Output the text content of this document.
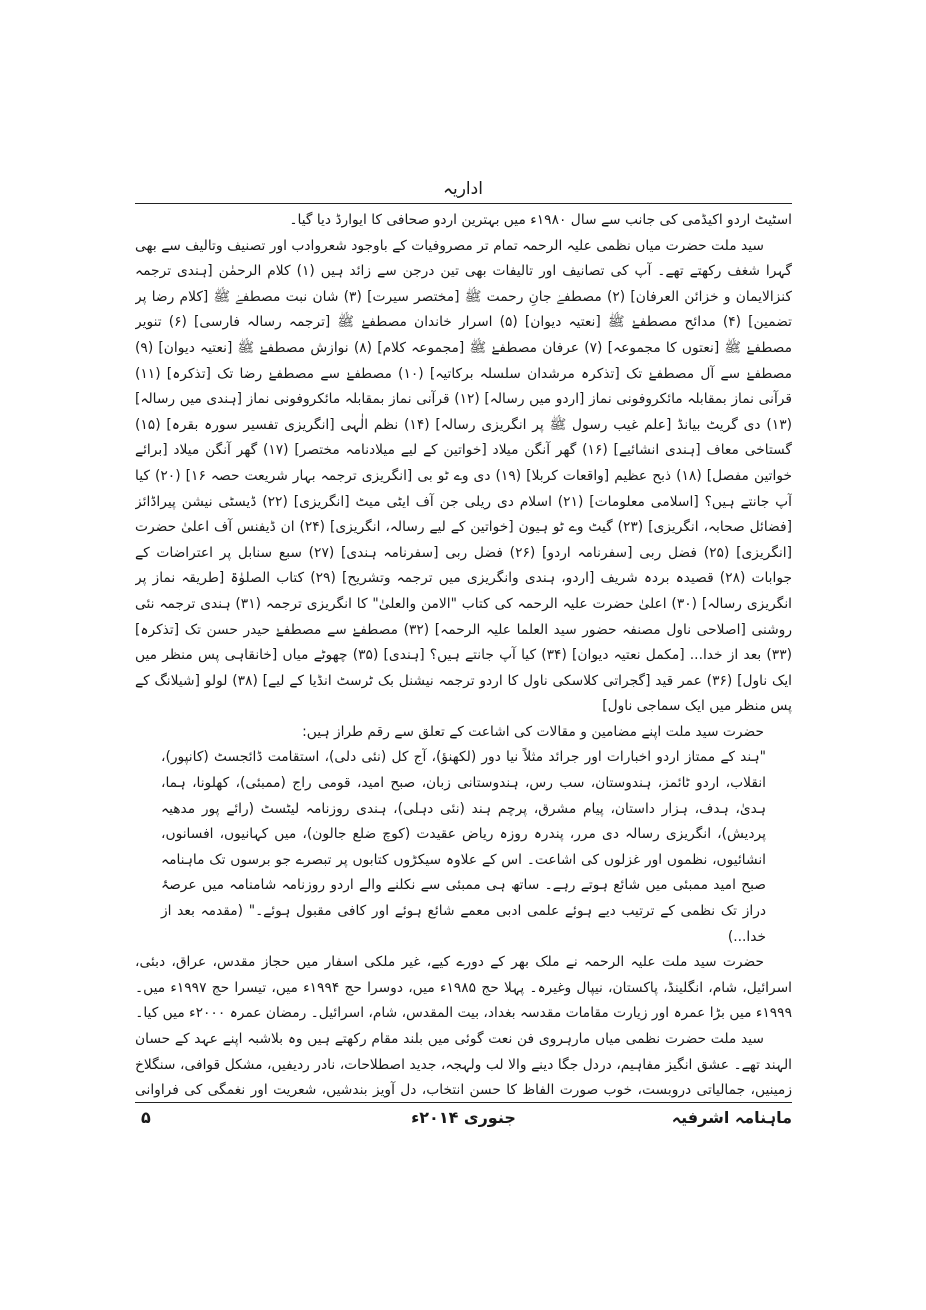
اداریہ

اسٹیٹ اردو اکیڈمی کی جانب سے سال ۱۹۸۰ء میں بہترین اردو صحافی کا ایوارڈ دیا گیا۔

سید ملت حضرت میاں نظمی علیہ الرحمہ تمام تر مصروفیات کے باوجود شعروادب اور تصنیف وتالیف سے بھی گہرا شغف رکھتے تھے۔ آپ کی تصانیف اور تالیفات بھی تین درجن سے زائد ہیں (۱) کلام الرحمٰن [ہندی ترجمہ کنزالایمان و خزائن العرفان] (۲) مصطفےٰ جانِ رحمت ﷺ [مختصر سیرت] (۳) شان نبت مصطفےٰ ﷺ [کلام رضا پر تضمین] (۴) مدائح مصطفےٰ ﷺ [نعتیہ دیوان] (۵) اسرار خاندان مصطفےٰ ﷺ [ترجمہ رسالہ فارسی] (۶) تنویر مصطفےٰ ﷺ [نعتوں کا مجموعہ] (۷) عرفان مصطفےٰ ﷺ [مجموعہ کلام] (۸) نوازش مصطفےٰ ﷺ [نعتیہ دیوان] (۹) مصطفےٰ سے آل مصطفےٰ تک [تذکرہ مرشدان سلسلہ برکاتیہ] (۱۰) مصطفےٰ سے مصطفےٰ رضا تک [تذکرہ] (۱۱) قرآنی نماز بمقابلہ مائکروفونی نماز [اردو میں رسالہ] (۱۲) قرآنی نماز بمقابلہ مائکروفونی نماز [ہندی میں رسالہ] (۱۳) دی گریٹ بیانڈ [علم غیب رسول ﷺ پر انگریزی رسالہ] (۱۴) نظم الٰہی [انگریزی تفسیر سورہ بقرہ] (۱۵) گستاخی معاف [ہندی انشائیے] (۱۶) گھر آنگن میلاد [خواتین کے لیے میلادنامہ مختصر] (۱۷) گھر آنگن میلاد [برائے خواتین مفصل] (۱۸) ذبح عظیم [واقعات کربلا] (۱۹) دی وے ٹو بی [انگریزی ترجمہ بہار شریعت حصہ ۱۶] (۲۰) کیا آپ جانتے ہیں؟ [اسلامی معلومات] (۲۱) اسلام دی ریلی جن آف ایٹی میٹ [انگریزی] (۲۲) ڈیسٹی نیشن پیراڈائز [فضائل صحابہ، انگریزی] (۲۳) گیٹ وے ٹو ہیون [خواتین کے لیے رسالہ، انگریزی] (۲۴) ان ڈیفنس آف اعلیٰ حضرت [انگریزی] (۲۵) فضل ربی [سفرنامہ اردو] (۲۶) فضل ربی [سفرنامہ ہندی] (۲۷) سبع سنابل پر اعتراضات کے جوابات (۲۸) قصیدہ بردہ شریف [اردو، ہندی وانگریزی میں ترجمہ وتشریح] (۲۹) کتاب الصلوٰۃ [طریقہ نماز پر انگریزی رسالہ] (۳۰) اعلیٰ حضرت علیہ الرحمہ کی کتاب "الامن والعلیٰ" کا انگریزی ترجمہ (۳۱) ہندی ترجمہ نئی روشنی [اصلاحی ناول مصنفہ حضور سید العلما علیہ الرحمہ] (۳۲) مصطفےٰ سے مصطفےٰ حیدر حسن تک [تذکرہ] (۳۳) بعد از خدا... [مکمل نعتیہ دیوان] (۳۴) کیا آپ جانتے ہیں؟ [ہندی] (۳۵) چھوٹے میاں [خانقاہی پس منظر میں ایک ناول] (۳۶) عمر قید [گجراتی کلاسکی ناول کا اردو ترجمہ نیشنل بک ٹرسٹ انڈیا کے لیے] (۳۸) لولو [شیلانگ کے پس منظر میں ایک سماجی ناول]

حضرت سید ملت اپنے مضامین و مقالات کی اشاعت کے تعلق سے رقم طراز ہیں:

"ہند کے ممتاز اردو اخبارات اور جرائد مثلاً نیا دور (لکھنؤ)، آج کل (نئی دلی)، استقامت ڈائجسٹ (کانپور)، انقلاب، اردو ٹائمز، ہندوستان، سب رس، ہندوستانی زبان، صبح امید، قومی راج (ممبئی)، کھلونا، ہما، ہدیٰ، ہدف، ہزار داستان، پیام مشرق، پرچم ہند (نئی دہلی)، ہندی روزنامہ لیٹسٹ (رائے پور مدھیہ پردیش)، انگریزی رسالہ دی مرر، پندرہ روزہ ریاض عقیدت (کوچ ضلع جالون)، میں کہانیوں، افسانوں، انشائیوں، نظموں اور غزلوں کی اشاعت۔ اس کے علاوہ سیکڑوں کتابوں پر تبصرے جو برسوں تک ماہنامہ صبح امید ممبئی میں شائع ہوتے رہے۔ ساتھ ہی ممبئی سے نکلنے والے اردو روزنامہ شامنامہ میں عرصۂ دراز تک نظمی کے ترتیب دیے ہوئے علمی ادبی معمے شائع ہوئے اور کافی مقبول ہوئے۔" (مقدمہ بعد از خدا...)

حضرت سید ملت علیہ الرحمہ نے ملک بھر کے دورے کیے، غیر ملکی اسفار میں حجاز مقدس، عراق، دبئی، اسرائیل، شام، انگلینڈ، پاکستان، نیپال وغیرہ۔ پہلا حج ۱۹۸۵ء میں، دوسرا حج ۱۹۹۴ء میں، تیسرا حج ۱۹۹۷ء میں۔ ۱۹۹۹ء میں بڑا عمرہ اور زیارت مقامات مقدسہ بغداد، بیت المقدس، شام، اسرائیل۔ رمضان عمرہ ۲۰۰۰ء میں کیا۔

سید ملت حضرت نظمی میاں مارہروی فن نعت گوئی میں بلند مقام رکھتے ہیں وہ بلاشبہ اپنے عہد کے حسان الہند تھے۔ عشق انگیز مفاہیم، دردل جگا دینے والا لب ولہجہ، جدید اصطلاحات، نادر ردیفیں، مشکل قوافی، سنگلاخ زمینیں، جمالیاتی دروبست، خوب صورت الفاظ کا حسن انتخاب، دل آویز بندشیں، شعریت اور نغمگی کی فراوانی

ماہنامہ اشرفیہ
جنوری ۲۰۱۴ء
۵
